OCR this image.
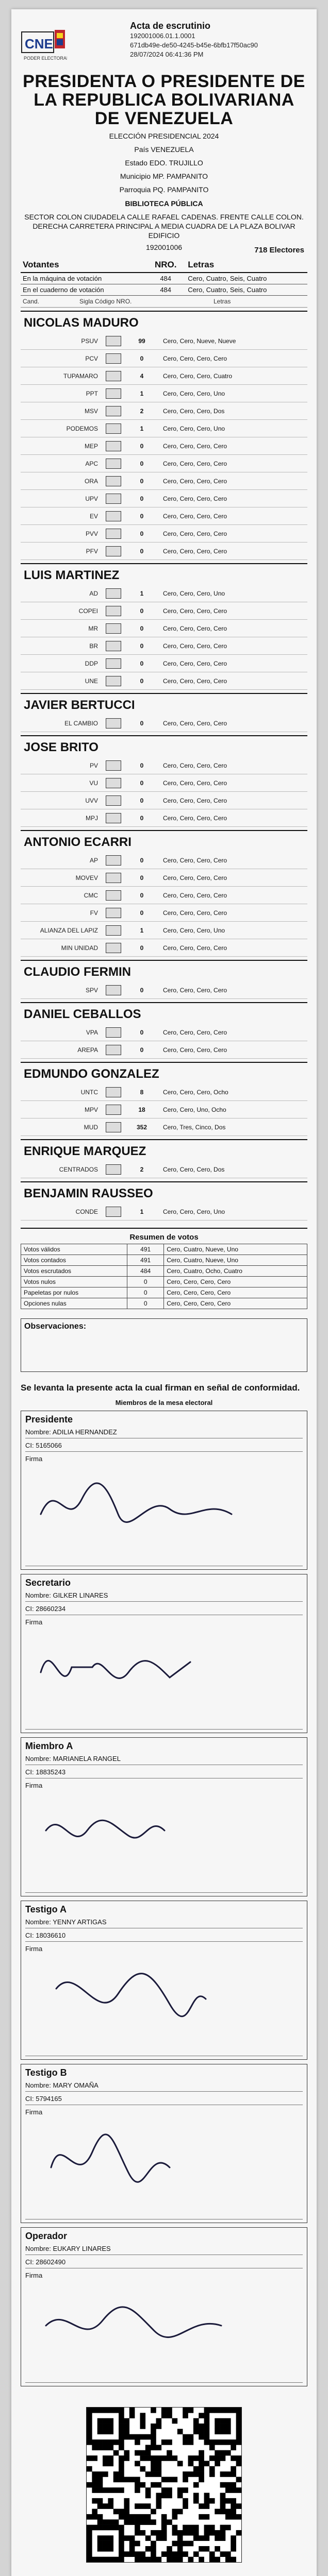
CNE
PODER ELECTORAL
Acta de escrutinio
192001006.01.1.0001
671db49e-de50-4245-b45e-6bfb17f50ac90
28/07/2024 06:41:36 PM
PRESIDENTA O PRESIDENTE DE LA REPUBLICA BOLIVARIANA DE VENEZUELA
ELECCIÓN PRESIDENCIAL 2024
País VENEZUELA
Estado EDO. TRUJILLO
Municipio MP. PAMPANITO
Parroquia PQ. PAMPANITO
BIBLIOTECA PÚBLICA
SECTOR COLON CIUDADELA CALLE RAFAEL CADENAS. FRENTE CALLE COLON. DERECHA CARRETERA PRINCIPAL A MEDIA CUADRA DE LA PLAZA BOLIVAR EDIFICIO
192001006	718 Electores
Votantes	NRO.	Letras
En la máquina de votación	484	Cero, Cuatro, Seis, Cuatro
En el cuaderno de votación	484	Cero, Cuatro, Seis, Cuatro
Cand.	Sigla Código NRO.	Letras
NICOLAS MADURO
PSUV	99	Cero, Cero, Nueve, Nueve
PCV	0	Cero, Cero, Cero, Cero
TUPAMARO	4	Cero, Cero, Cero, Cuatro
PPT	1	Cero, Cero, Cero, Uno
MSV	2	Cero, Cero, Cero, Dos
PODEMOS	1	Cero, Cero, Cero, Uno
MEP	0	Cero, Cero, Cero, Cero
APC	0	Cero, Cero, Cero, Cero
ORA	0	Cero, Cero, Cero, Cero
UPV	0	Cero, Cero, Cero, Cero
EV	0	Cero, Cero, Cero, Cero
PVV	0	Cero, Cero, Cero, Cero
PFV	0	Cero, Cero, Cero, Cero
LUIS MARTINEZ
AD	1	Cero, Cero, Cero, Uno
COPEI	0	Cero, Cero, Cero, Cero
MR	0	Cero, Cero, Cero, Cero
BR	0	Cero, Cero, Cero, Cero
DDP	0	Cero, Cero, Cero, Cero
UNE	0	Cero, Cero, Cero, Cero
JAVIER BERTUCCI
EL CAMBIO	0	Cero, Cero, Cero, Cero
JOSE BRITO
PV	0	Cero, Cero, Cero, Cero
VU	0	Cero, Cero, Cero, Cero
UVV	0	Cero, Cero, Cero, Cero
MPJ	0	Cero, Cero, Cero, Cero
ANTONIO ECARRI
AP	0	Cero, Cero, Cero, Cero
MOVEV	0	Cero, Cero, Cero, Cero
CMC	0	Cero, Cero, Cero, Cero
FV	0	Cero, Cero, Cero, Cero
ALIANZA DEL LAPIZ	1	Cero, Cero, Cero, Uno
MIN UNIDAD	0	Cero, Cero, Cero, Cero
CLAUDIO FERMIN
SPV	0	Cero, Cero, Cero, Cero
DANIEL CEBALLOS
VPA	0	Cero, Cero, Cero, Cero
AREPA	0	Cero, Cero, Cero, Cero
EDMUNDO GONZALEZ
UNTC	8	Cero, Cero, Cero, Ocho
MPV	18	Cero, Cero, Uno, Ocho
MUD	352	Cero, Tres, Cinco, Dos
ENRIQUE MARQUEZ
CENTRADOS	2	Cero, Cero, Cero, Dos
BENJAMIN RAUSSEO
CONDE	1	Cero, Cero, Cero, Uno
Resumen de votos
Votos válidos	491	Cero, Cuatro, Nueve, Uno
Votos contados	491	Cero, Cuatro, Nueve, Uno
Votos escrutados	484	Cero, Cuatro, Ocho, Cuatro
Votos nulos	0	Cero, Cero, Cero, Cero
Papeletas por nulos	0	Cero, Cero, Cero, Cero
Opciones nulas	0	Cero, Cero, Cero, Cero
Observaciones:
Se levanta la presente acta la cual firman en señal de conformidad.
Miembros de la mesa electoral
Presidente
Nombre: ADILIA HERNANDEZ
CI: 5165066
Firma
Secretario
Nombre: GILKER LINARES
CI: 28660234
Firma
Miembro A
Nombre: MARIANELA RANGEL
CI: 18835243
Firma
Testigo A
Nombre: YENNY ARTIGAS
CI: 18036610
Firma
Testigo B
Nombre: MARY OMAÑA
CI: 5794165
Firma
Operador
Nombre: EUKARY LINARES
CI: 28602490
Firma
